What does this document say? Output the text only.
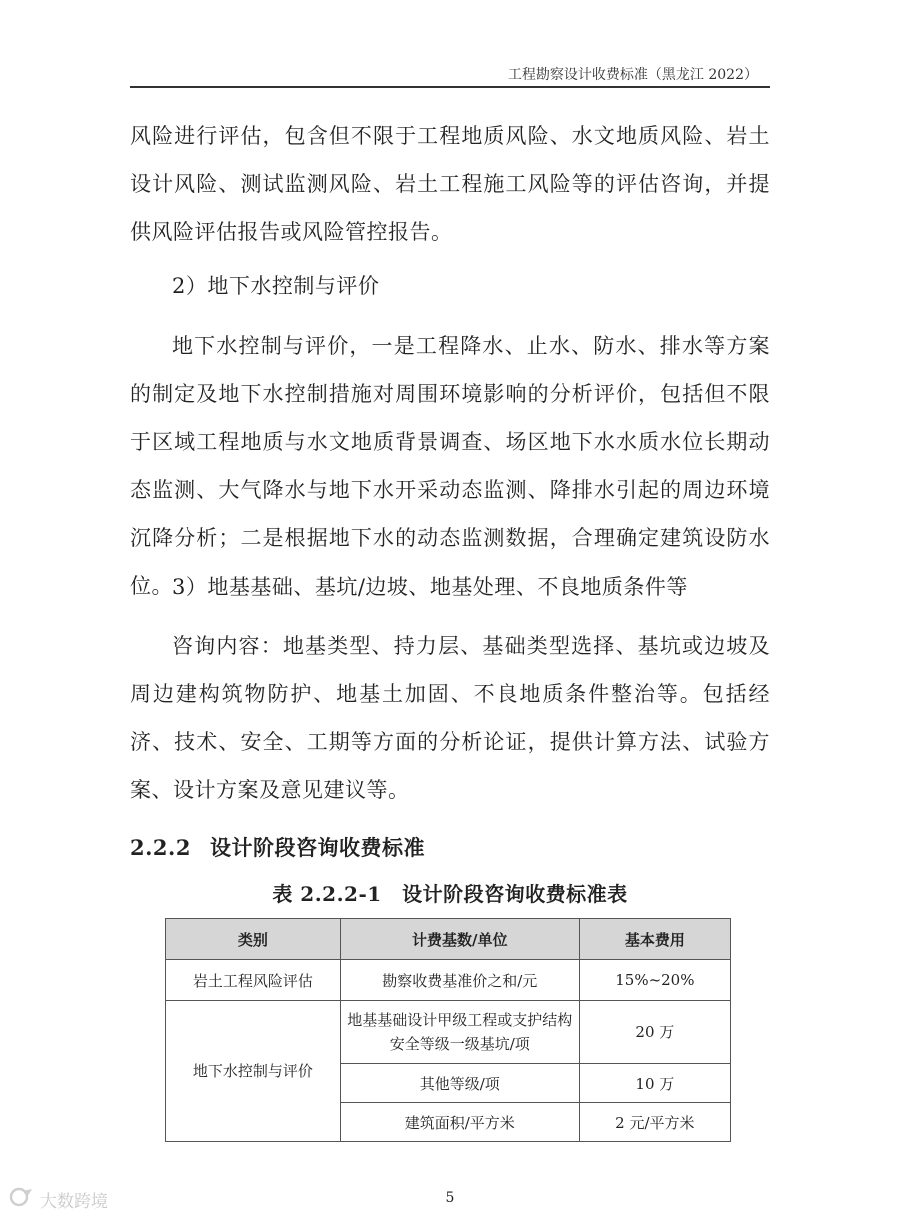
工程勘察设计收费标准（黑龙江 2022）

风险进行评估，包含但不限于工程地质风险、水文地质风险、岩土设计风险、测试监测风险、岩土工程施工风险等的评估咨询，并提供风险评估报告或风险管控报告。

2）地下水控制与评价

地下水控制与评价，一是工程降水、止水、防水、排水等方案的制定及地下水控制措施对周围环境影响的分析评价，包括但不限于区域工程地质与水文地质背景调查、场区地下水水质水位长期动态监测、大气降水与地下水开采动态监测、降排水引起的周边环境沉降分析；二是根据地下水的动态监测数据，合理确定建筑设防水位。 3）地基基础、基坑/边坡、地基处理、不良地质条件等

咨询内容：地基类型、持力层、基础类型选择、基坑或边坡及周边建构筑物防护、地基土加固、不良地质条件整治等。包括经济、技术、安全、工期等方面的分析论证，提供计算方法、试验方案、设计方案及意见建议等。

2.2.2 设计阶段咨询收费标准
表 2.2.2-1　设计阶段咨询收费标准表
类别	计费基数/单位	基本费用
岩土工程风险评估	勘察收费基准价之和/元	15%~20%
地下水控制与评价	地基基础设计甲级工程或支护结构安全等级一级基坑/项	20 万
	其他等级/项	10 万
	建筑面积/平方米	2 元/平方米
5
大数跨境
